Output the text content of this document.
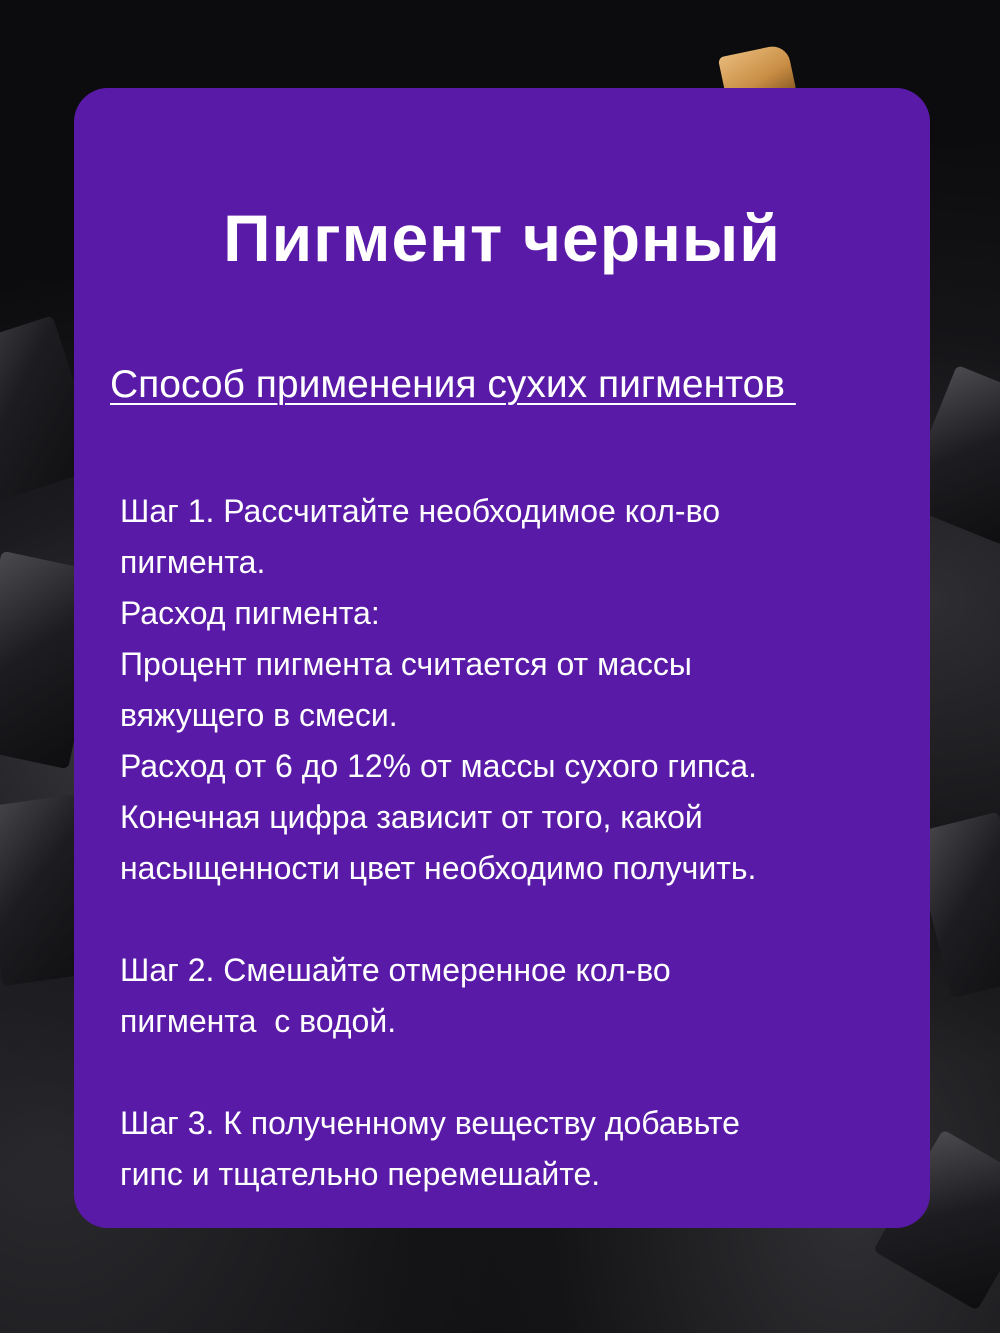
Пигмент черный
Способ применения сухих пигментов
Шаг 1. Рассчитайте необходимое кол-во
пигмента.
Расход пигмента:
Процент пигмента считается от массы
вяжущего в смеси.
Расход от 6 до 12% от массы сухого гипса.
Конечная цифра зависит от того, какой
насыщенности цвет необходимо получить.
Шаг 2. Смешайте отмеренное кол-во
пигмента  с водой.
Шаг 3. К полученному веществу добавьте
гипс и тщательно перемешайте.
